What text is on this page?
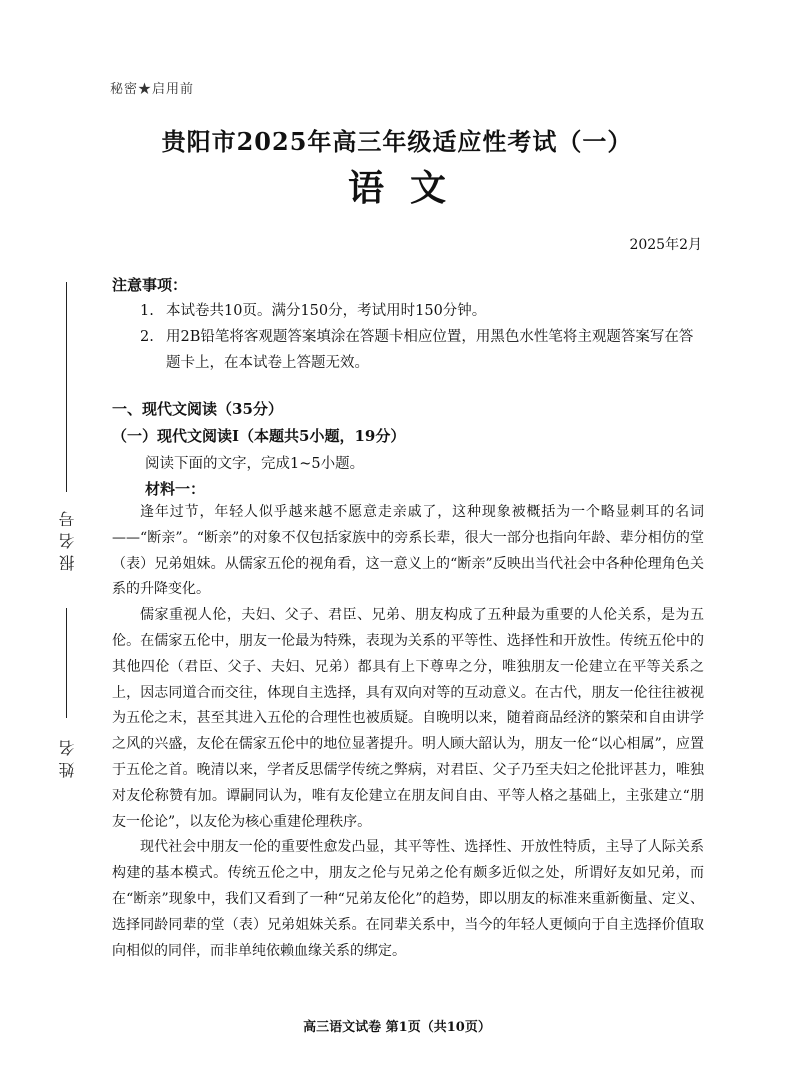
秘密★启用前
贵阳市2025年高三年级适应性考试（一）
语文
2025年2月
注意事项：
1. 本试卷共10页。满分150分，考试用时150分钟。
2. 用2B铅笔将客观题答案填涂在答题卡相应位置，用黑色水性笔将主观题答案写在答题卡上，在本试卷上答题无效。
一、现代文阅读（35分）
（一）现代文阅读Ⅰ（本题共5小题，19分）
阅读下面的文字，完成1~5小题。
材料一：

逢年过节，年轻人似乎越来越不愿意走亲戚了，这种现象被概括为一个略显刺耳的名词——“断亲”。“断亲”的对象不仅包括家族中的旁系长辈，很大一部分也指向年龄、辈分相仿的堂（表）兄弟姐妹。从儒家五伦的视角看，这一意义上的“断亲”反映出当代社会中各种伦理角色关系的升降变化。

儒家重视人伦，夫妇、父子、君臣、兄弟、朋友构成了五种最为重要的人伦关系，是为五伦。在儒家五伦中，朋友一伦最为特殊，表现为关系的平等性、选择性和开放性。传统五伦中的其他四伦（君臣、父子、夫妇、兄弟）都具有上下尊卑之分，唯独朋友一伦建立在平等关系之上，因志同道合而交往，体现自主选择，具有双向对等的互动意义。在古代，朋友一伦往往被视为五伦之末，甚至其进入五伦的合理性也被质疑。自晚明以来，随着商品经济的繁荣和自由讲学之风的兴盛，友伦在儒家五伦中的地位显著提升。明人顾大韶认为，朋友一伦“以心相属”，应置于五伦之首。晚清以来，学者反思儒学传统之弊病，对君臣、父子乃至夫妇之伦批评甚力，唯独对友伦称赞有加。谭嗣同认为，唯有友伦建立在朋友间自由、平等人格之基础上，主张建立“朋友一伦论”，以友伦为核心重建伦理秩序。

现代社会中朋友一伦的重要性愈发凸显，其平等性、选择性、开放性特质，主导了人际关系构建的基本模式。传统五伦之中，朋友之伦与兄弟之伦有颇多近似之处，所谓好友如兄弟，而在“断亲”现象中，我们又看到了一种“兄弟友伦化”的趋势，即以朋友的标准来重新衡量、定义、选择同龄同辈的堂（表）兄弟姐妹关系。在同辈关系中，当今的年轻人更倾向于自主选择价值取向相似的同伴，而非单纯依赖血缘关系的绑定。

报名号
姓名
高三语文试卷 第1页（共10页）
